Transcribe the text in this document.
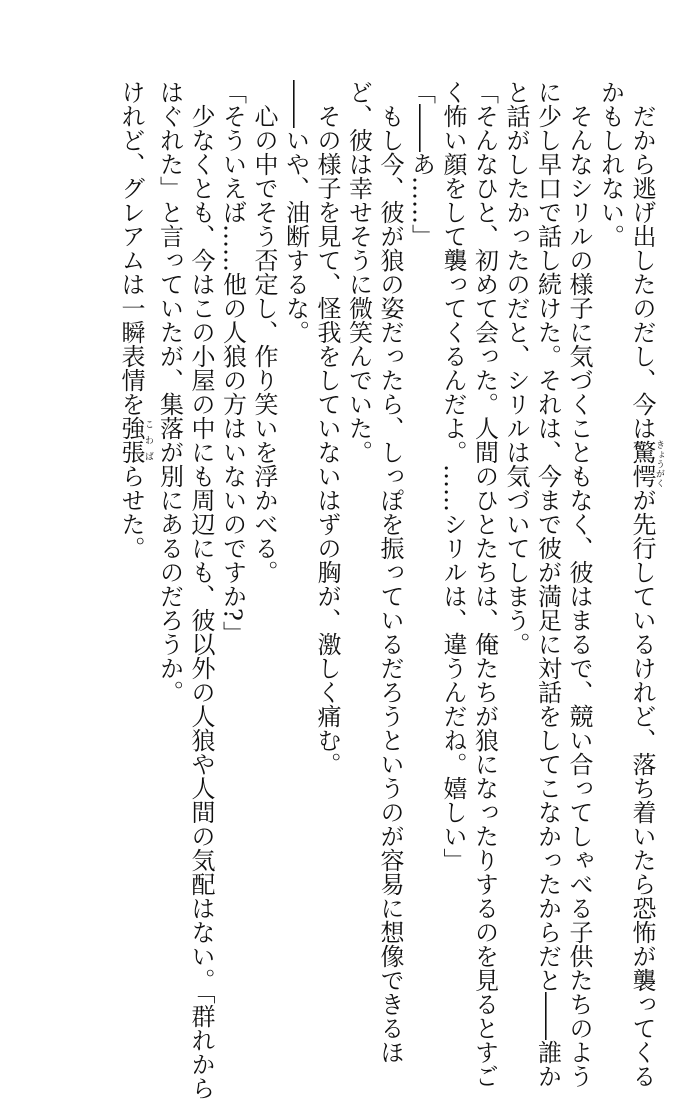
だから逃げ出したのだし、今は驚愕きょうがくが先行しているけれど、落ち着いたら恐怖が襲ってくる
かもしれない。
そんなシリルの様子に気づくこともなく、彼はまるで、競い合ってしゃべる子供たちのよう
に少し早口で話し続けた。それは、今まで彼が満足に対話をしてこなかったからだと――誰か
と話がしたかったのだと、シリルは気づいてしまう。
「そんなひと、初めて会った。人間のひとたちは、俺たちが狼になったりするのを見るとすご
く怖い顔をして襲ってくるんだよ。……シリルは、違うんだね。嬉しい」
「――あ……」
もし今、彼が狼の姿だったら、しっぽを振っているだろうというのが容易に想像できるほ
ど、彼は幸せそうに微笑んでいた。
その様子を見て、怪我をしていないはずの胸が、激しく痛む。
――いや、油断するな。
心の中でそう否定し、作り笑いを浮かべる。
「そういえば……他の人狼の方はいないのですか?」
少なくとも、今はこの小屋の中にも周辺にも、彼以外の人狼や人間の気配はない。「群れから
はぐれた」と言っていたが、集落が別にあるのだろうか。
けれど、グレアムは一瞬表情を強張こわばらせた。
